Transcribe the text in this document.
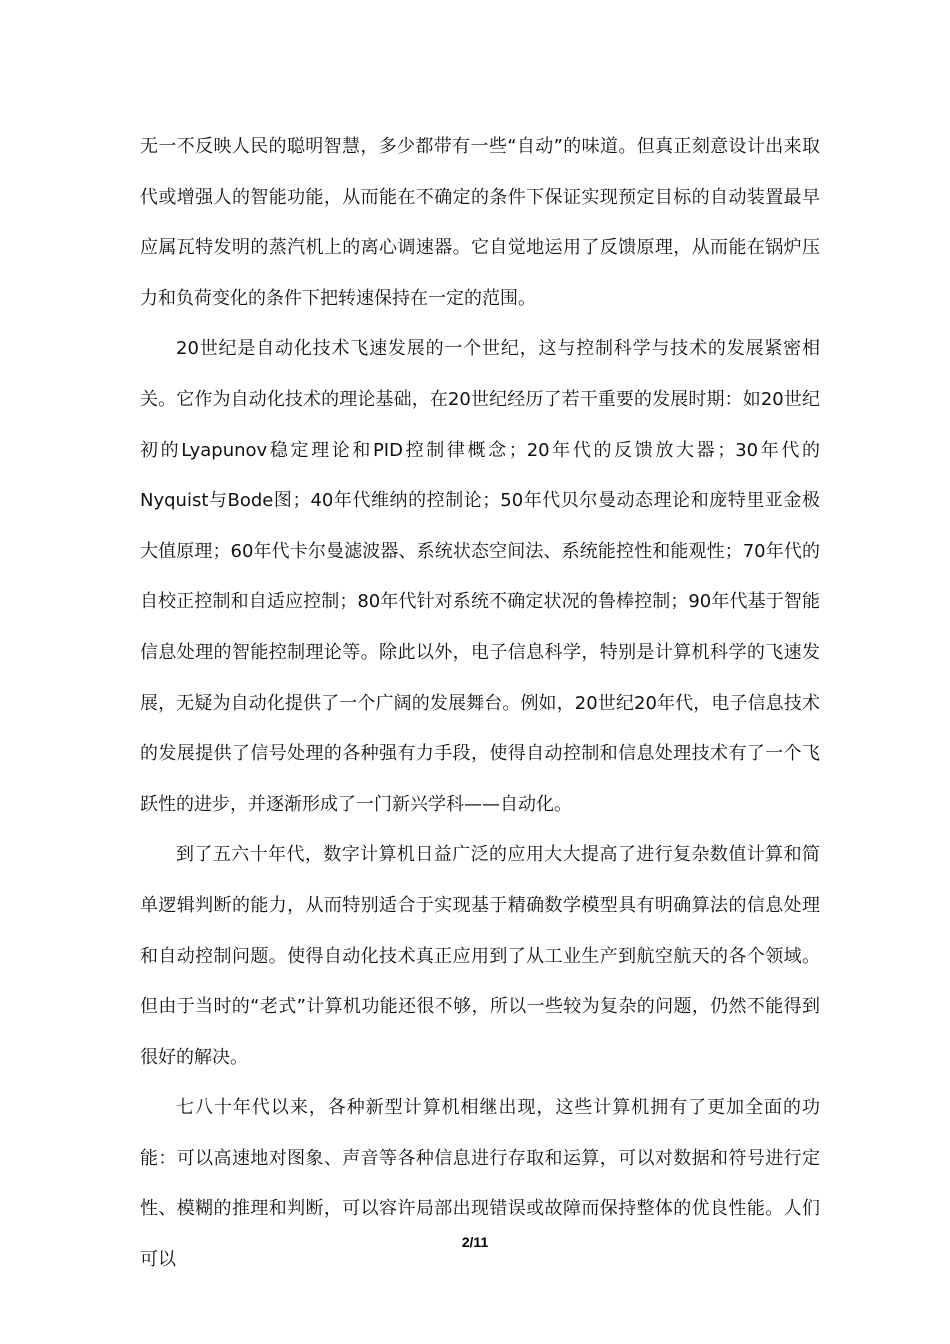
无一不反映人民的聪明智慧，多少都带有一些“自动”的味道。但真正刻意设计出来取代或增强人的智能功能，从而能在不确定的条件下保证实现预定目标的自动装置最早应属瓦特发明的蒸汽机上的离心调速器。它自觉地运用了反馈原理，从而能在锅炉压力和负荷变化的条件下把转速保持在一定的范围。

20世纪是自动化技术飞速发展的一个世纪，这与控制科学与技术的发展紧密相关。它作为自动化技术的理论基础，在20世纪经历了若干重要的发展时期：如20世纪初的Lyapunov稳定理论和PID控制律概念；20年代的反馈放大器；30年代的Nyquist与Bode图；40年代维纳的控制论；50年代贝尔曼动态理论和庞特里亚金极大值原理；60年代卡尔曼滤波器、系统状态空间法、系统能控性和能观性；70年代的自校正控制和自适应控制；80年代针对系统不确定状况的鲁棒控制；90年代基于智能信息处理的智能控制理论等。除此以外，电子信息科学，特别是计算机科学的飞速发展，无疑为自动化提供了一个广阔的发展舞台。例如，20世纪20年代，电子信息技术的发展提供了信号处理的各种强有力手段，使得自动控制和信息处理技术有了一个飞跃性的进步，并逐渐形成了一门新兴学科——自动化。

到了五六十年代，数字计算机日益广泛的应用大大提高了进行复杂数值计算和简单逻辑判断的能力，从而特别适合于实现基于精确数学模型具有明确算法的信息处理和自动控制问题。使得自动化技术真正应用到了从工业生产到航空航天的各个领域。但由于当时的“老式”计算机功能还很不够，所以一些较为复杂的问题，仍然不能得到很好的解决。

七八十年代以来，各种新型计算机相继出现，这些计算机拥有了更加全面的功能：可以高速地对图象、声音等各种信息进行存取和运算，可以对数据和符号进行定性、模糊的推理和判断，可以容许局部出现错误或故障而保持整体的优良性能。人们可以

2/11
